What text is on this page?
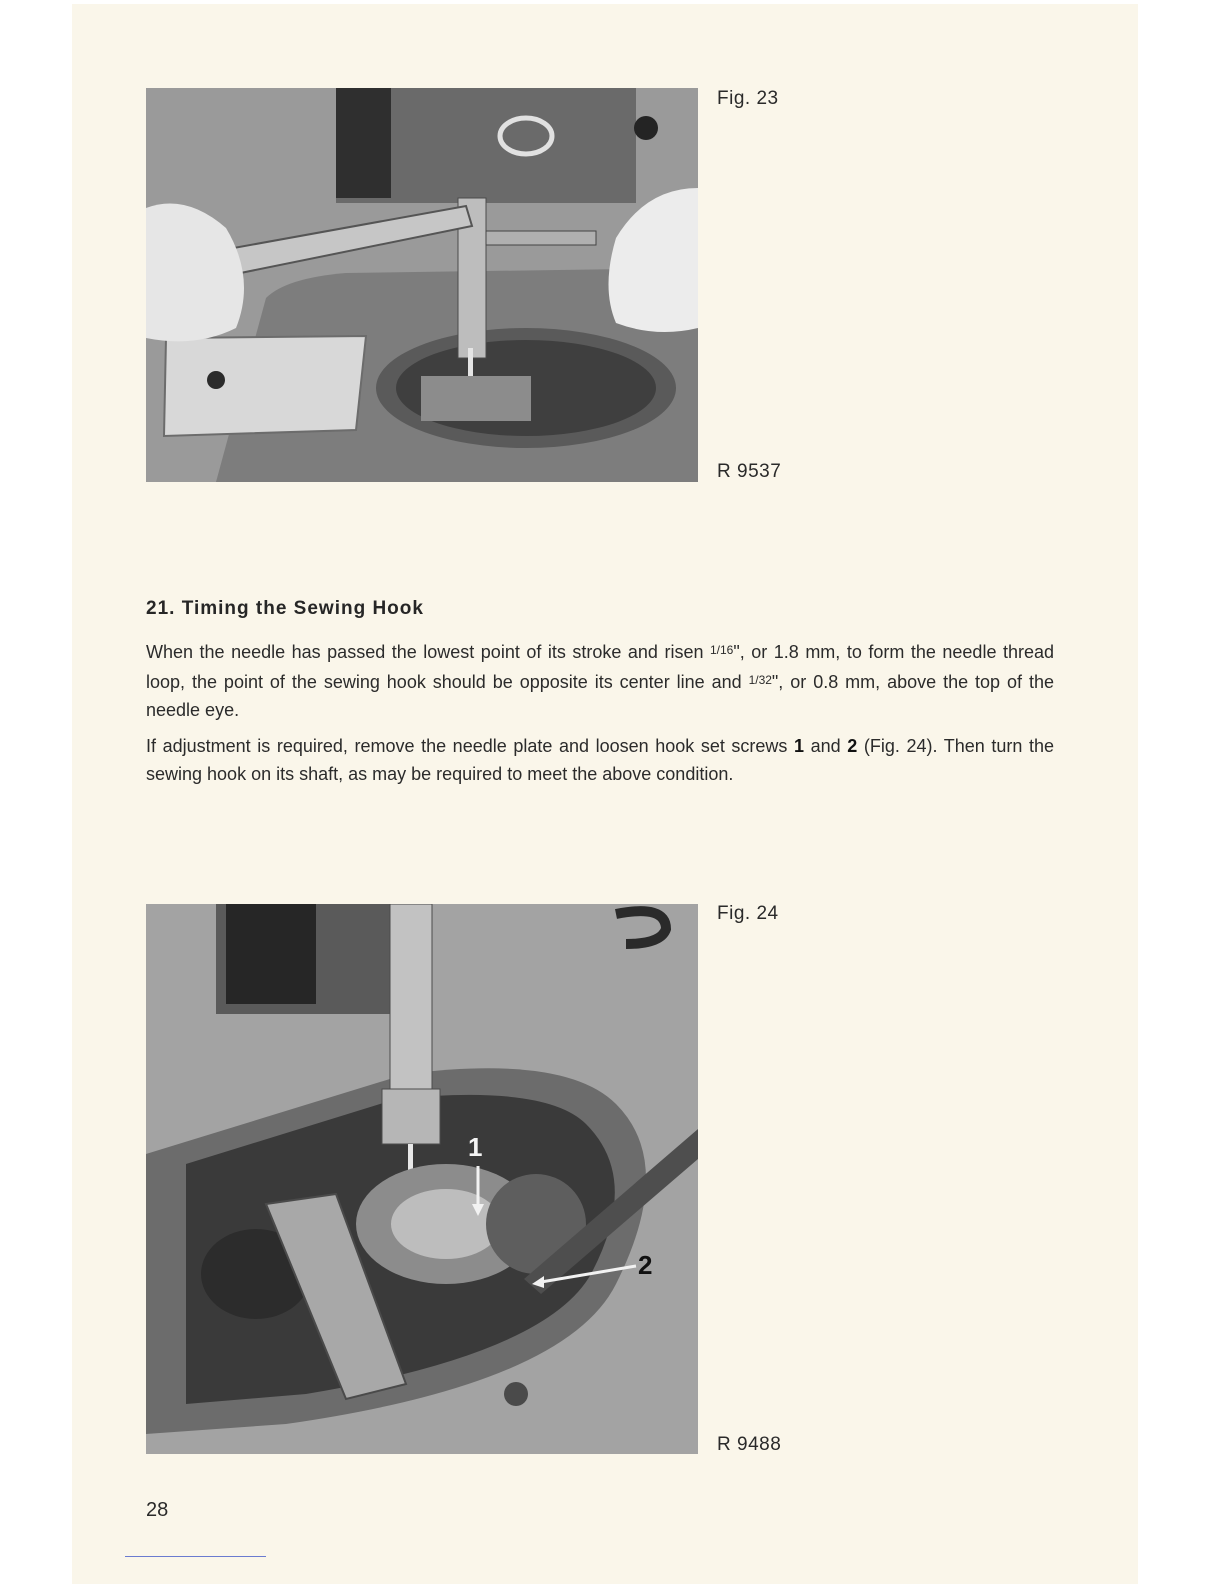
Fig. 23
R 9537
21. Timing the Sewing Hook

When the needle has passed the lowest point of its stroke and risen $^{1/16}$", or 1.8 mm, to form the needle thread loop, the point of the sewing hook should be opposite its center line and $^{1/32}$", or 0.8 mm, above the top of the needle eye.

If adjustment is required, remove the needle plate and loosen hook set screws 1 and 2 (Fig. 24). Then turn the sewing hook on its shaft, as may be required to meet the above condition.

1
2
Fig. 24
R 9488
28
